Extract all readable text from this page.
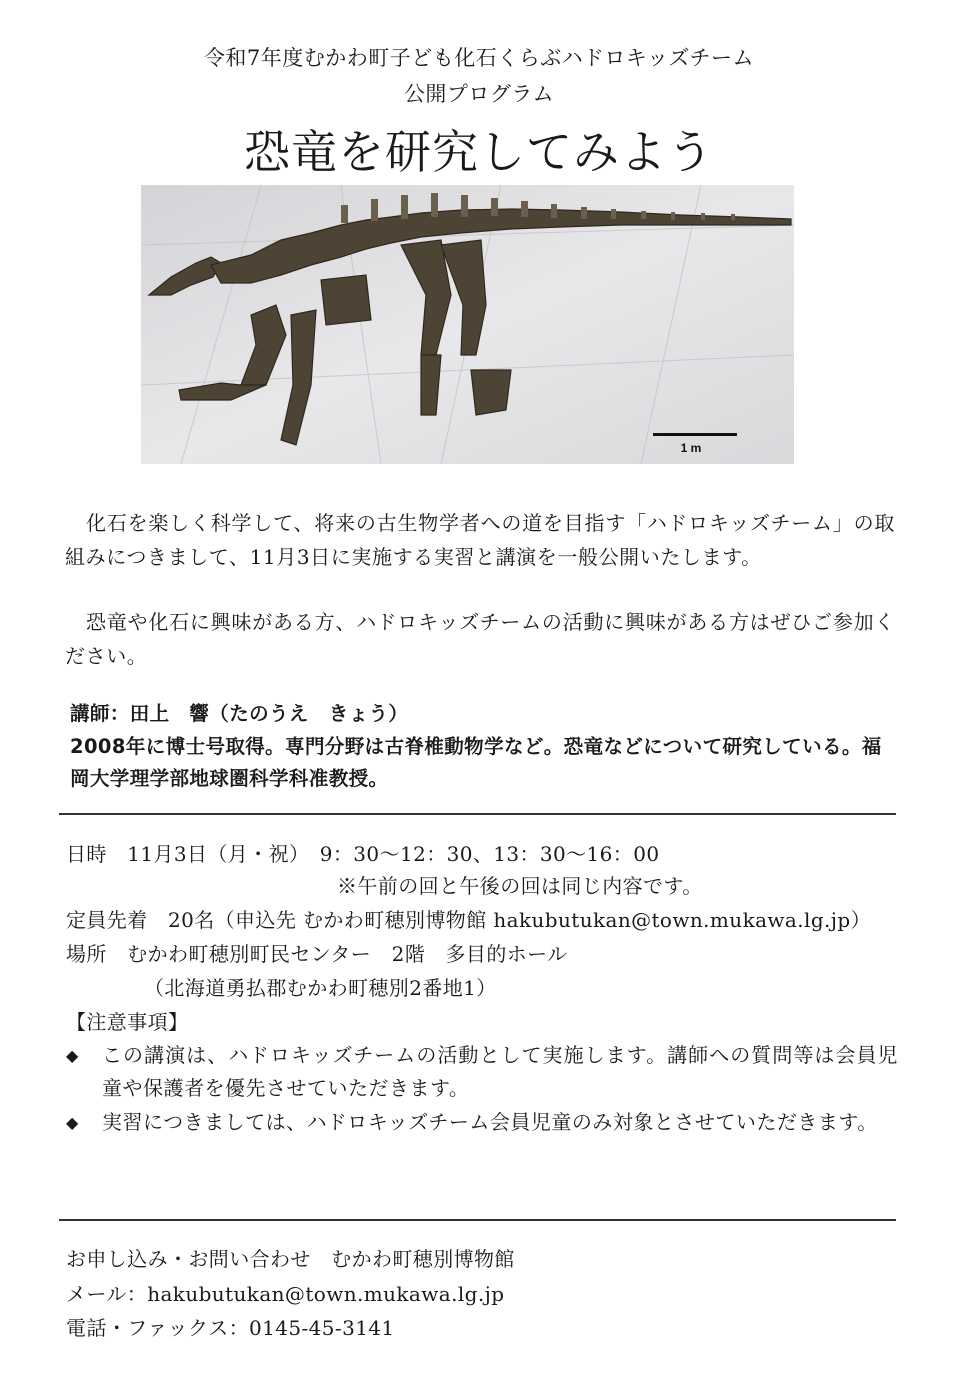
令和7年度むかわ町子ども化石くらぶハドロキッズチーム
公開プログラム
恐竜を研究してみよう
1 m

化石を楽しく科学して、将来の古生物学者への道を目指す「ハドロキッズチーム」の取組みにつきまして、11月3日に実施する実習と講演を一般公開いたします。

恐竜や化石に興味がある方、ハドロキッズチームの活動に興味がある方はぜひご参加ください。

講師：田上　響（たのうえ　きょう）
2008年に博士号取得。専門分野は古脊椎動物学など。恐竜などについて研究している。福岡大学理学部地球圏科学科准教授。
日時　11月3日（月・祝）　9：30～12：30、13：30～16：00
※午前の回と午後の回は同じ内容です。
定員先着　20名（申込先 むかわ町穂別博物館 hakubutukan@town.mukawa.lg.jp）
場所　むかわ町穂別町民センター　2階　多目的ホール
（北海道勇払郡むかわ町穂別2番地1）
【注意事項】
◆ この講演は、ハドロキッズチームの活動として実施します。講師への質問等は会員児童や保護者を優先させていただきます。
◆ 実習につきましては、ハドロキッズチーム会員児童のみ対象とさせていただきます。
お申し込み・お問い合わせ　むかわ町穂別博物館
メール：hakubutukan@town.mukawa.lg.jp
電話・ファックス：0145-45-3141
